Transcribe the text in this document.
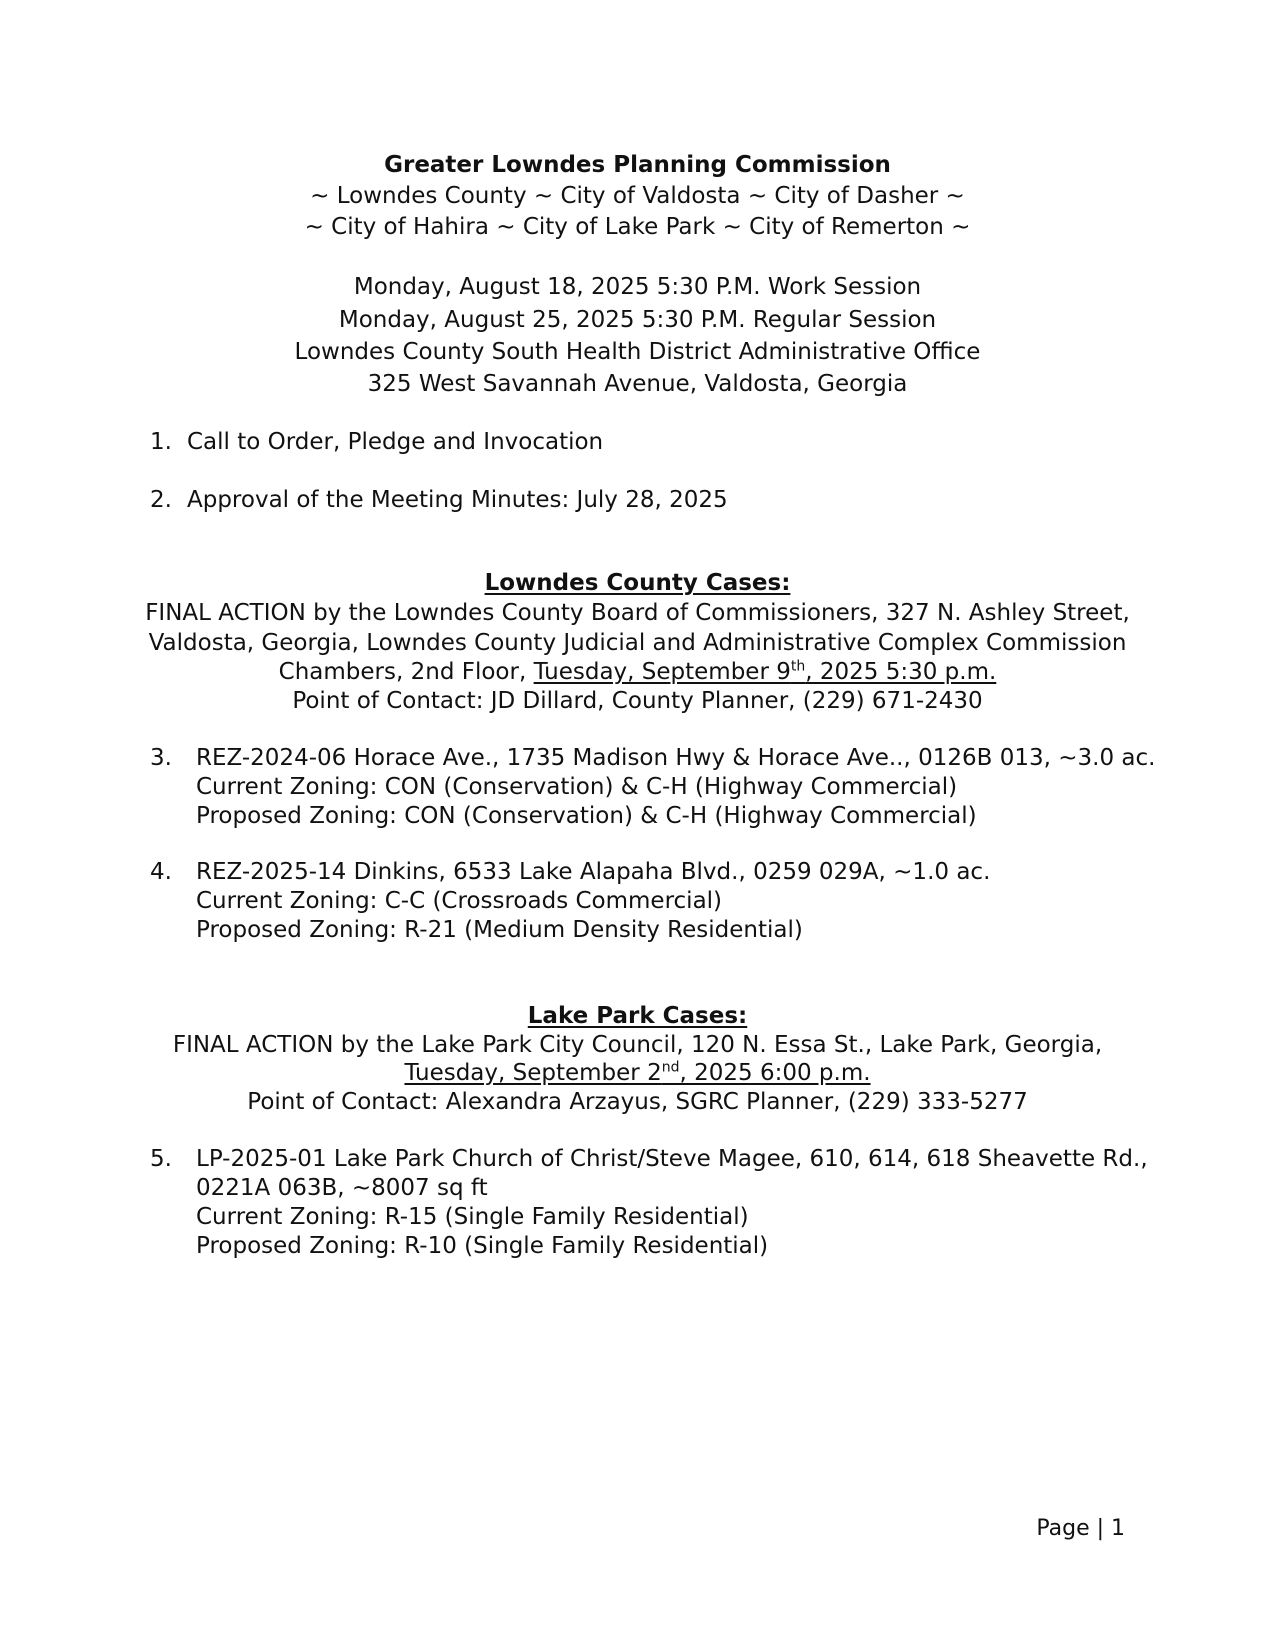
Greater Lowndes Planning Commission
~ Lowndes County ~ City of Valdosta ~ City of Dasher ~
~ City of Hahira ~ City of Lake Park ~ City of Remerton ~
Monday, August 18, 2025 5:30 P.M. Work Session
Monday, August 25, 2025 5:30 P.M. Regular Session
Lowndes County South Health District Administrative Office
325 West Savannah Avenue, Valdosta, Georgia
1. Call to Order, Pledge and Invocation
2. Approval of the Meeting Minutes: July 28, 2025
Lowndes County Cases:
FINAL ACTION by the Lowndes County Board of Commissioners, 327 N. Ashley Street,
Valdosta, Georgia, Lowndes County Judicial and Administrative Complex Commission
Chambers, 2nd Floor, Tuesday, September 9th, 2025 5:30 p.m.
Point of Contact: JD Dillard, County Planner, (229) 671-2430
3. REZ-2024-06 Horace Ave., 1735 Madison Hwy & Horace Ave.., 0126B 013, ~3.0 ac.
Current Zoning: CON (Conservation) & C-H (Highway Commercial)
Proposed Zoning: CON (Conservation) & C-H (Highway Commercial)
4. REZ-2025-14 Dinkins, 6533 Lake Alapaha Blvd., 0259 029A, ~1.0 ac.
Current Zoning: C-C (Crossroads Commercial)
Proposed Zoning: R-21 (Medium Density Residential)
Lake Park Cases:
FINAL ACTION by the Lake Park City Council, 120 N. Essa St., Lake Park, Georgia,
Tuesday, September 2nd, 2025 6:00 p.m.
Point of Contact: Alexandra Arzayus, SGRC Planner, (229) 333-5277
5. LP-2025-01 Lake Park Church of Christ/Steve Magee, 610, 614, 618 Sheavette Rd.,
0221A 063B, ~8007 sq ft
Current Zoning: R-15 (Single Family Residential)
Proposed Zoning: R-10 (Single Family Residential)
Page | 1
